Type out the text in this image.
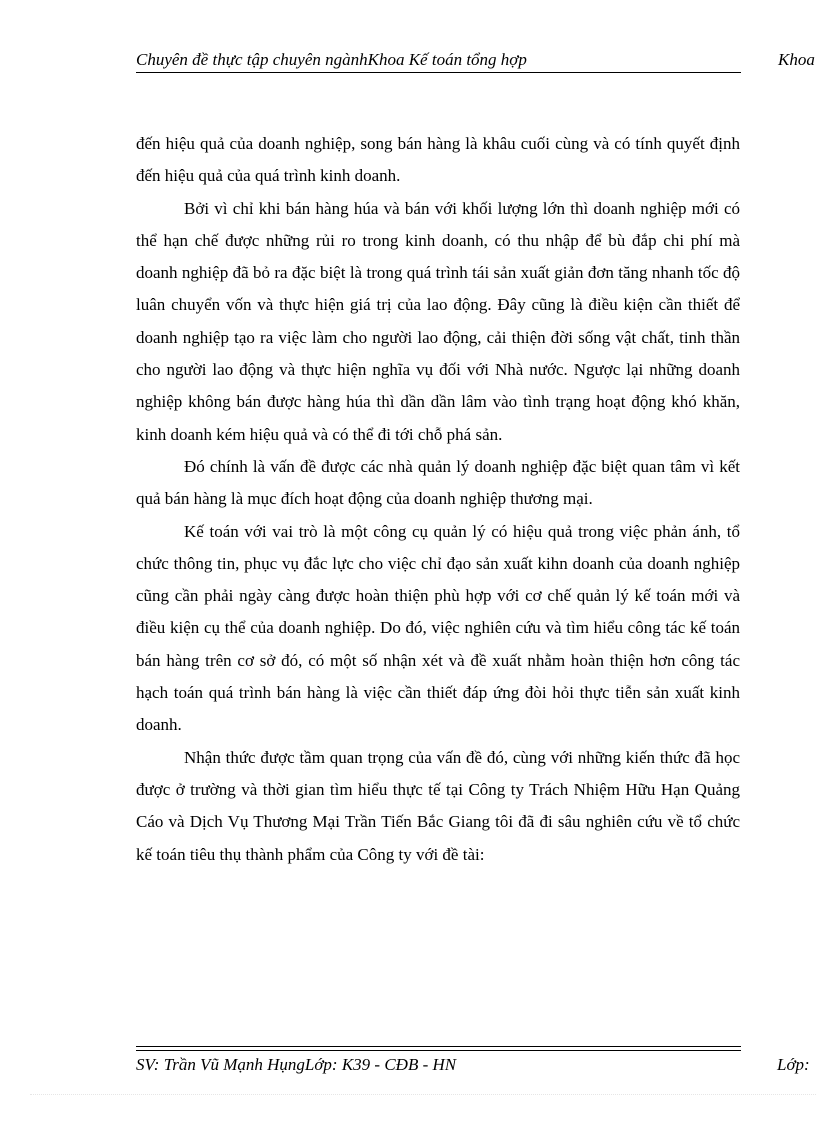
Chuyên đề thực tập chuyên ngànhKhoa Kế toán tổng hợp	Khoa

đến hiệu quả của doanh nghiệp, song bán hàng là khâu cuối cùng và có tính quyết định đến hiệu quả của quá trình kinh doanh.

Bởi vì chỉ khi bán hàng húa và bán với khối lượng lớn thì doanh nghiệp mới có thể hạn chế được những rủi ro trong kinh doanh, có thu nhập để bù đắp chi phí mà doanh nghiệp đã bỏ ra đặc biệt là trong quá trình tái sản xuất giản đơn tăng nhanh tốc độ luân chuyển vốn và thực hiện giá trị của lao động. Đây cũng là điều kiện cần thiết để doanh nghiệp tạo ra việc làm cho người lao động, cải thiện đời sống vật chất, tinh thần cho người lao động và thực hiện nghĩa vụ đối với Nhà nước. Ngược lại những doanh nghiệp không bán được hàng húa thì dần dần lâm vào tình trạng hoạt động khó khăn, kinh doanh kém hiệu quả và có thể đi tới chỗ phá sản.

Đó chính là vấn đề được các nhà quản lý doanh nghiệp đặc biệt quan tâm vì kết quả bán hàng là mục đích hoạt động của doanh nghiệp thương mại.

Kế toán với vai trò là một công cụ quản lý có hiệu quả trong việc phản ánh, tổ chức thông tin, phục vụ đắc lực cho việc chỉ đạo sản xuất kihn doanh của doanh nghiệp cũng cần phải ngày càng được hoàn thiện phù hợp với cơ chế quản lý kế toán mới và điều kiện cụ thể của doanh nghiệp. Do đó, việc nghiên cứu và tìm hiểu công tác kế toán bán hàng trên cơ sở đó, có một số nhận xét và đề xuất nhằm hoàn thiện hơn công tác hạch toán quá trình bán hàng là việc cần thiết đáp ứng đòi hỏi thực tiễn sản xuất kinh doanh.

Nhận thức được tầm quan trọng của vấn đề đó, cùng với những kiến thức đã học được ở trường và thời gian tìm hiểu thực tế tại Công ty Trách Nhiệm Hữu Hạn Quảng Cáo và Dịch Vụ Thương Mại Trần Tiến Bắc Giang tôi đã đi sâu nghiên cứu về tổ chức kế toán tiêu thụ thành phẩm của Công ty với đề tài:

SV: Trần Vũ Mạnh HụngLớp: K39 - CĐB - HN	Lớp:
